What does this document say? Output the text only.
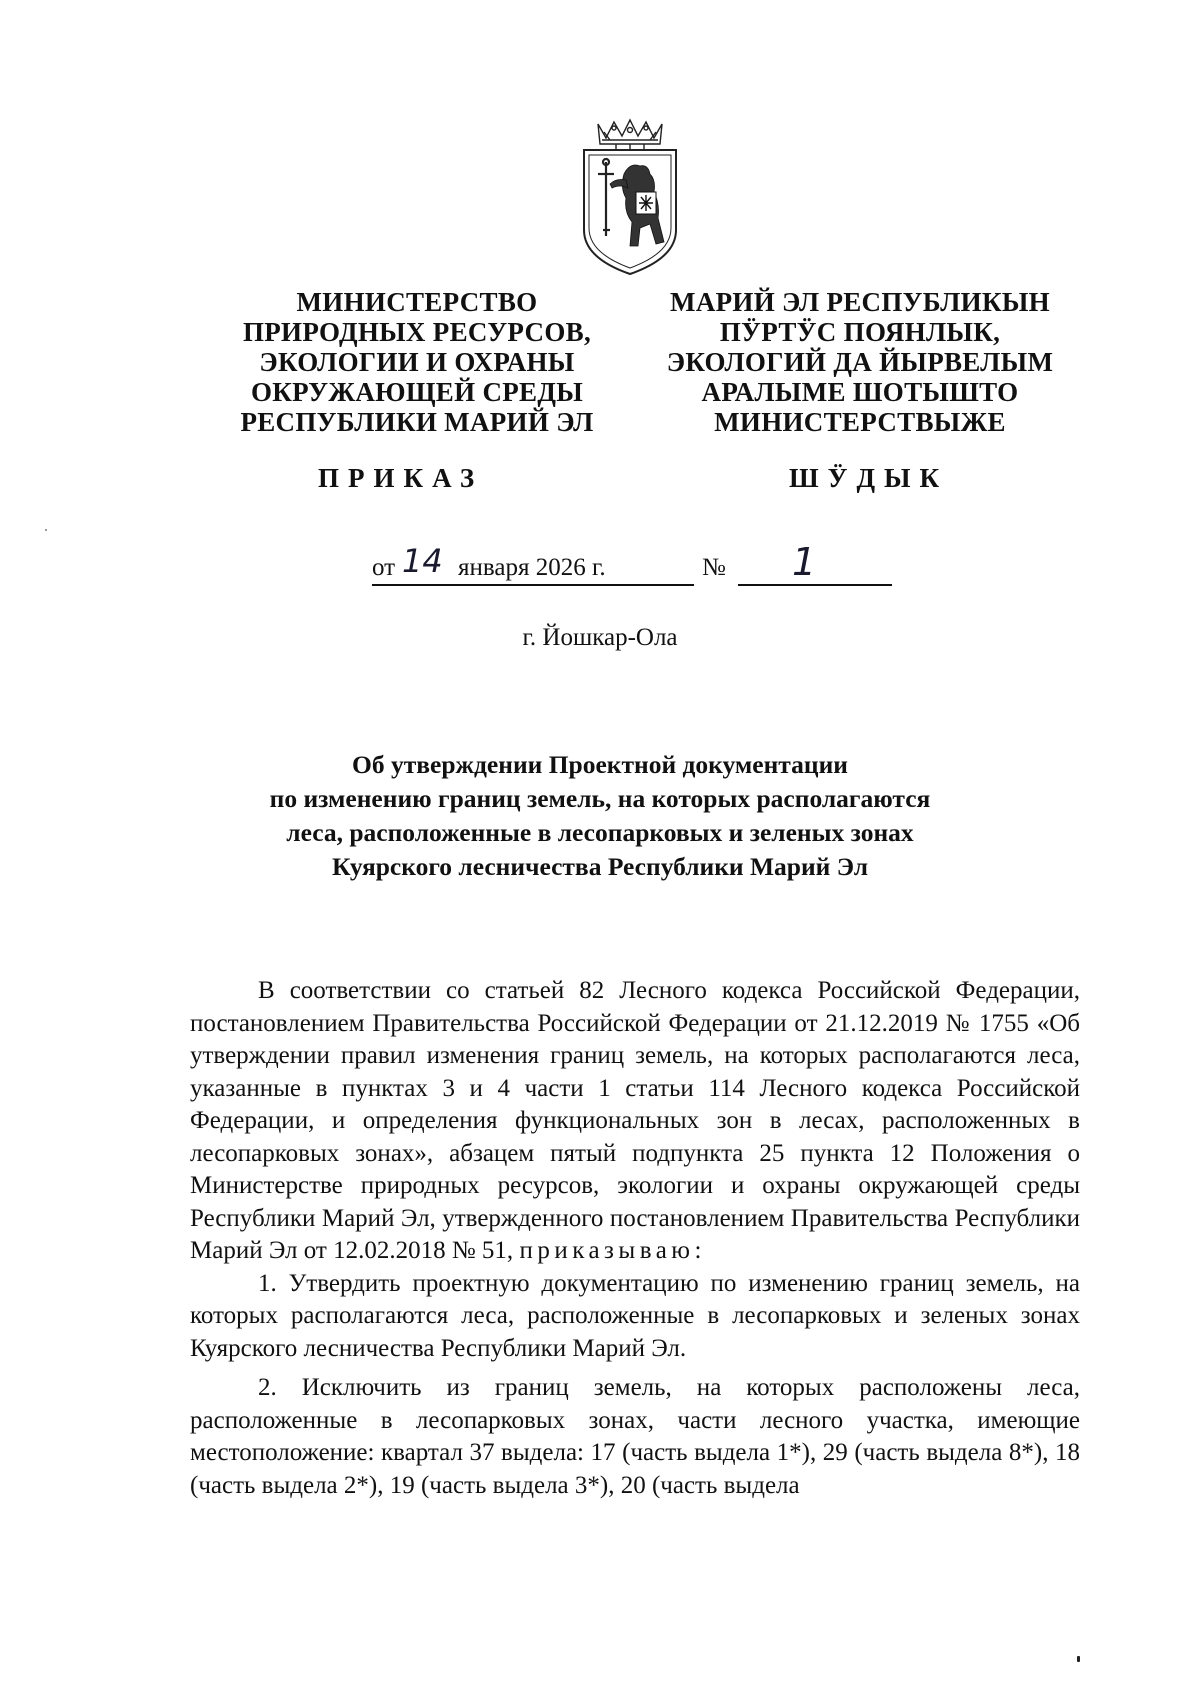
МИНИСТЕРСТВО
ПРИРОДНЫХ РЕСУРСОВ,
ЭКОЛОГИИ И ОХРАНЫ
ОКРУЖАЮЩЕЙ СРЕДЫ
РЕСПУБЛИКИ МАРИЙ ЭЛ
МАРИЙ ЭЛ РЕСПУБЛИКЫН
ПӰРТӰС ПОЯНЛЫК,
ЭКОЛОГИЙ ДА ЙЫРВЕЛЫМ
АРАЛЫМЕ ШОТЫШТО
МИНИСТЕРСТВЫЖЕ
ПРИКАЗ	ШӰДЫК
от 14 января 2026 г.	№ 1
г. Йошкар-Ола
Об утверждении Проектной документации
по изменению границ земель, на которых располагаются
леса, расположенные в лесопарковых и зеленых зонах
Куярского лесничества Республики Марий Эл

В соответствии со статьей 82 Лесного кодекса Российской Федерации, постановлением Правительства Российской Федерации от 21.12.2019 № 1755 «Об утверждении правил изменения границ земель, на которых располагаются леса, указанные в пунктах 3 и 4 части 1 статьи 114 Лесного кодекса Российской Федерации, и определения функциональных зон в лесах, расположенных в лесопарковых зонах», абзацем пятый подпункта 25 пункта 12 Положения о Министерстве природных ресурсов, экологии и охраны окружающей среды Республики Марий Эл, утвержденного постановлением Правительства Республики Марий Эл от 12.02.2018 № 51, приказываю:

1. Утвердить проектную документацию по изменению границ земель, на которых располагаются леса, расположенные в лесопарковых и зеленых зонах Куярского лесничества Республики Марий Эл.

2. Исключить из границ земель, на которых расположены леса, расположенные в лесопарковых зонах, части лесного участка, имеющие местоположение: квартал 37 выдела: 17 (часть выдела 1*), 29 (часть выдела 8*), 18 (часть выдела 2*), 19 (часть выдела 3*), 20 (часть выдела
